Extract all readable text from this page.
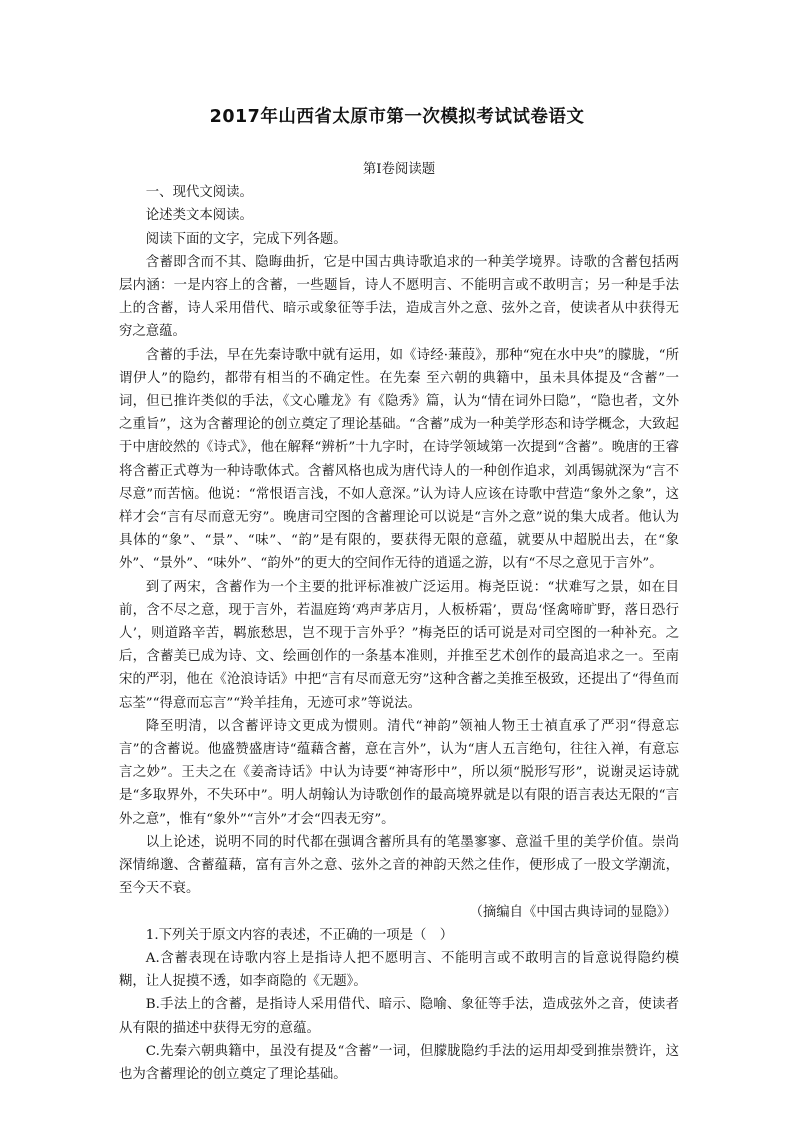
2017年山西省太原市第一次模拟考试试卷语文

第Ⅰ卷阅读题

一、现代文阅读。

论述类文本阅读。

阅读下面的文字，完成下列各题。

含蓄即含而不其、隐晦曲折，它是中国古典诗歌追求的一种美学境界。诗歌的含蓄包括两层内涵：一是内容上的含蓄，一些题旨，诗人不愿明言、不能明言或不敢明言；另一种是手法上的含蓄，诗人采用借代、暗示或象征等手法，造成言外之意、弦外之音，使读者从中获得无穷之意蕴。

含蓄的手法，早在先秦诗歌中就有运用，如《诗经·蒹葭》，那种“宛在水中央”的朦胧，“所谓伊人”的隐约，都带有相当的不确定性。在先秦 至六朝的典籍中，虽未具体提及“含蓄”一词，但已推许类似的手法，《文心雕龙》有《隐秀》篇，认为“情在词外曰隐”，“隐也者，文外之重旨”，这为含蓄理论的创立奠定了理论基础。“含蓄”成为一种美学形态和诗学概念，大致起于中唐皎然的《诗式》，他在解释“辨析”十九字时，在诗学领域第一次提到“含蓄”。晚唐的王睿将含蓄正式尊为一种诗歌体式。含蓄风格也成为唐代诗人的一种创作追求，刘禹锡就深为“言不尽意”而苦恼。他说：“常恨语言浅，不如人意深。”认为诗人应该在诗歌中营造“象外之象”，这样才会“言有尽而意无穷”。晚唐司空图的含蓄理论可以说是“言外之意”说的集大成者。他认为具体的“象”、“景”、“味”、“韵”是有限的，要获得无限的意蕴，就要从中超脱出去，在“象外”、“景外”、“味外”、“韵外”的更大的空间作无待的逍遥之游，以有“不尽之意见于言外”。

到了两宋，含蓄作为一个主要的批评标准被广泛运用。梅尧臣说：“状难写之景，如在目前，含不尽之意，现于言外，若温庭筠‘鸡声茅店月，人板桥霜’，贾岛‘怪禽啼旷野，落日恐行人’，则道路辛苦，羁旅愁思，岂不现于言外乎？”梅尧臣的话可说是对司空图的一种补充。之后，含蓄美已成为诗、文、绘画创作的一条基本准则，并推至艺术创作的最高追求之一。至南宋的严羽，他在《沧浪诗话》中把“言有尽而意无穷”这种含蓄之美推至极致，还提出了“得鱼而忘荃”“得意而忘言”“羚羊挂角，无迹可求”等说法。

降至明清，以含蓄评诗文更成为惯则。清代“神韵”领袖人物王士禎直承了严羽“得意忘言”的含蓄说。他盛赞盛唐诗“蕴藉含蓄，意在言外”，认为“唐人五言绝句，往往入禅，有意忘言之妙”。王夫之在《姜斋诗话》中认为诗要“神寄形中”，所以须“脱形写形”，说谢灵运诗就是“多取界外，不失环中”。明人胡翰认为诗歌创作的最高境界就是以有限的语言表达无限的“言外之意”，惟有“象外”“言外”才会“四表无穷”。

以上论述，说明不同的时代都在强调含蓄所具有的笔墨寥寥、意溢千里的美学价值。崇尚深情绵邈、含蓄蕴藉，富有言外之意、弦外之音的神韵天然之佳作，便形成了一股文学潮流，至今天不衰。

（摘编自《中国古典诗词的显隐》）

1.下列关于原文内容的表述，不正确的一项是（　）

A.含蓄表现在诗歌内容上是指诗人把不愿明言、不能明言或不敢明言的旨意说得隐约模糊，让人捉摸不透，如李商隐的《无题》。

B.手法上的含蓄，是指诗人采用借代、暗示、隐喻、象征等手法，造成弦外之音，使读者从有限的描述中获得无穷的意蕴。

C.先秦六朝典籍中，虽没有提及“含蓄”一词，但朦胧隐约手法的运用却受到推崇赞许，这也为含蓄理论的创立奠定了理论基础。
